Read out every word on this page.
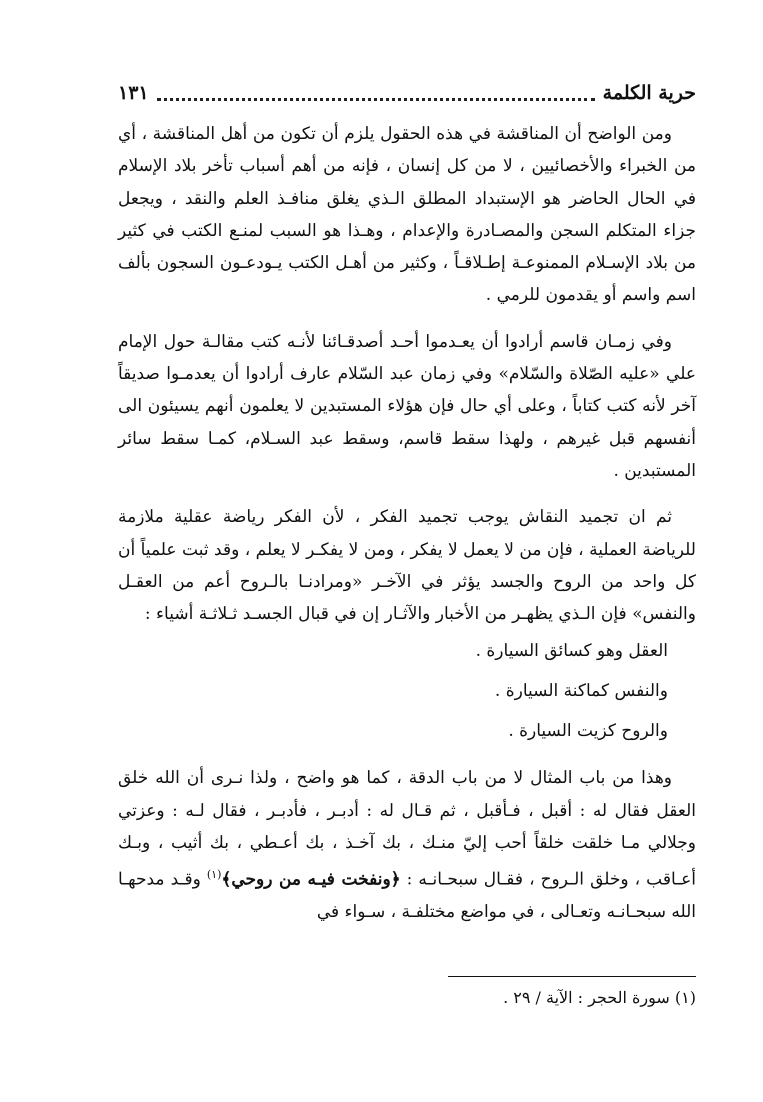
حرية الكلمة
١٣١

ومن الواضح أن المناقشة في هذه الحقول يلزم أن تكون من أهل المناقشة ، أي من الخبراء والأخصائيين ، لا من كل إنسان ، فإنه من أهم أسباب تأخر بلاد الإسلام في الحال الحاضر هو الإستبداد المطلق الـذي يغلق منافـذ العلم والنقد ، ويجعل جزاء المتكلم السجن والمصـادرة والإعدام ، وهـذا هو السبب لمنـع الكتب في كثير من بلاد الإسـلام الممنوعـة إطـلاقـاً ، وكثير من أهـل الكتب يـودعـون السجون بألف اسم واسم أو يقدمون للرمي .

وفي زمـان قاسم أرادوا أن يعـدموا أحـد أصدقـائنا لأنـه كتب مقالـة حول الإمام علي «عليه الصّلاة والسّلام» وفي زمان عبد السّلام عارف أرادوا أن يعدمـوا صديقاً آخر لأنه كتب كتاباً ، وعلى أي حال فإن هؤلاء المستبدين لا يعلمون أنهم يسيئون الى أنفسهم قبل غيرهم ، ولهذا سقط قاسم، وسقط عبد السـلام، كمـا سقط سائر المستبدين .

ثم ان تجميد النقاش يوجب تجميد الفكر ، لأن الفكر رياضة عقلية ملازمة للرياضة العملية ، فإن من لا يعمل لا يفكر ، ومن لا يفكـر لا يعلم ، وقد ثبت علمياً أن كل واحد من الروح والجسد يؤثر في الآخـر «ومرادنـا بالـروح أعم من العقـل والنفس» فإن الـذي يظهـر من الأخبار والآثـار إن في قبال الجسـد ثـلاثـة أشياء :

العقل وهو كسائق السيارة .

والنفس كماكنة السيارة .

والروح كزيت السيارة .

وهذا من باب المثال لا من باب الدقة ، كما هو واضح ، ولذا نـرى أن الله خلق العقل فقال له : أقبل ، فـأقبل ، ثم قـال له : أدبـر ، فأدبـر ، فقال لـه : وعزتي وجلالي مـا خلقت خلقاً أحب إليّ منـك ، بك آخـذ ، بك أعـطي ، بك أثيب ، وبـك أعـاقب ، وخلق الـروح ، فقـال سبحـانـه : ﴿ونفخت فيـه من روحي﴾$^{(١)}$ وقـد مدحهـا الله سبحـانـه وتعـالى ، في مواضع مختلفـة ، سـواء في

(١) سورة الحجر : الآية / ٢٩ .
